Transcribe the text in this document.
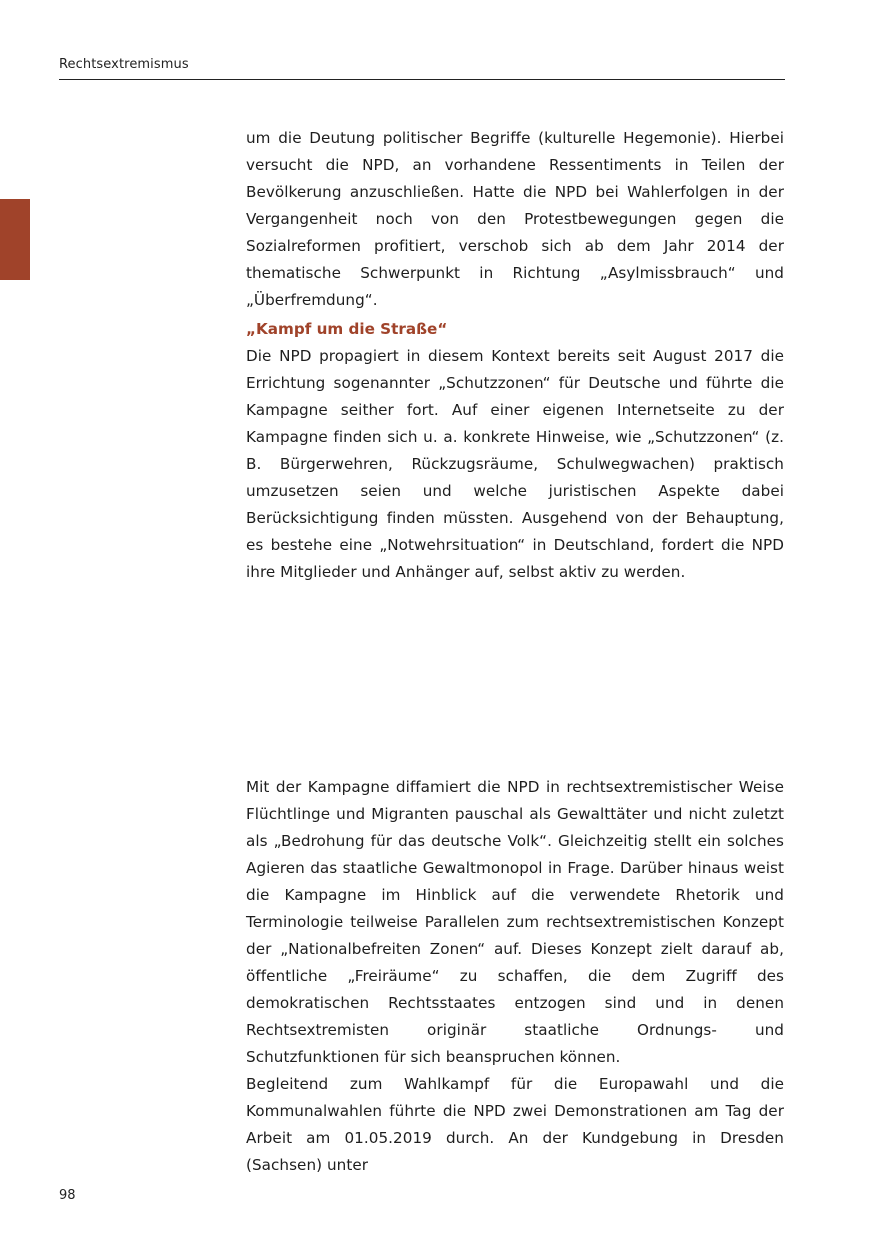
Rechtsextremismus

um die Deutung politischer Begriffe (kulturelle Hegemonie). Hierbei versucht die NPD, an vorhandene Ressentiments in Teilen der Bevölkerung anzuschließen. Hatte die NPD bei Wahlerfolgen in der Vergangenheit noch von den Protestbewegungen gegen die Sozialreformen profitiert, verschob sich ab dem Jahr 2014 der thematische Schwerpunkt in Richtung „Asylmissbrauch“ und „Überfremdung“.

„Kampf um die Straße“

Die NPD propagiert in diesem Kontext bereits seit August 2017 die Errichtung sogenannter „Schutzzonen“ für Deutsche und führte die Kampagne seither fort. Auf einer eigenen Internetseite zu der Kampagne finden sich u. a. konkrete Hinweise, wie „Schutzzonen“ (z. B. Bürgerwehren, Rückzugsräume, Schulwegwachen) praktisch umzusetzen seien und welche juristischen Aspekte dabei Berücksichtigung finden müssten. Ausgehend von der Behauptung, es bestehe eine „Notwehrsituation“ in Deutschland, fordert die NPD ihre Mitglieder und Anhänger auf, selbst aktiv zu werden.

Mit der Kampagne diffamiert die NPD in rechtsextremistischer Weise Flüchtlinge und Migranten pauschal als Gewalttäter und nicht zuletzt als „Bedrohung für das deutsche Volk“. Gleichzeitig stellt ein solches Agieren das staatliche Gewaltmonopol in Frage. Darüber hinaus weist die Kampagne im Hinblick auf die verwendete Rhetorik und Terminologie teilweise Parallelen zum rechtsextremistischen Konzept der „Nationalbefreiten Zonen“ auf. Dieses Konzept zielt darauf ab, öffentliche „Freiräume“ zu schaffen, die dem Zugriff des demokratischen Rechtsstaates entzogen sind und in denen Rechtsextremisten originär staatliche Ordnungs- und Schutzfunktionen für sich beanspruchen können.

Begleitend zum Wahlkampf für die Europawahl und die Kommunalwahlen führte die NPD zwei Demonstrationen am Tag der Arbeit am 01.05.2019 durch. An der Kundgebung in Dresden (Sachsen) unter

98
